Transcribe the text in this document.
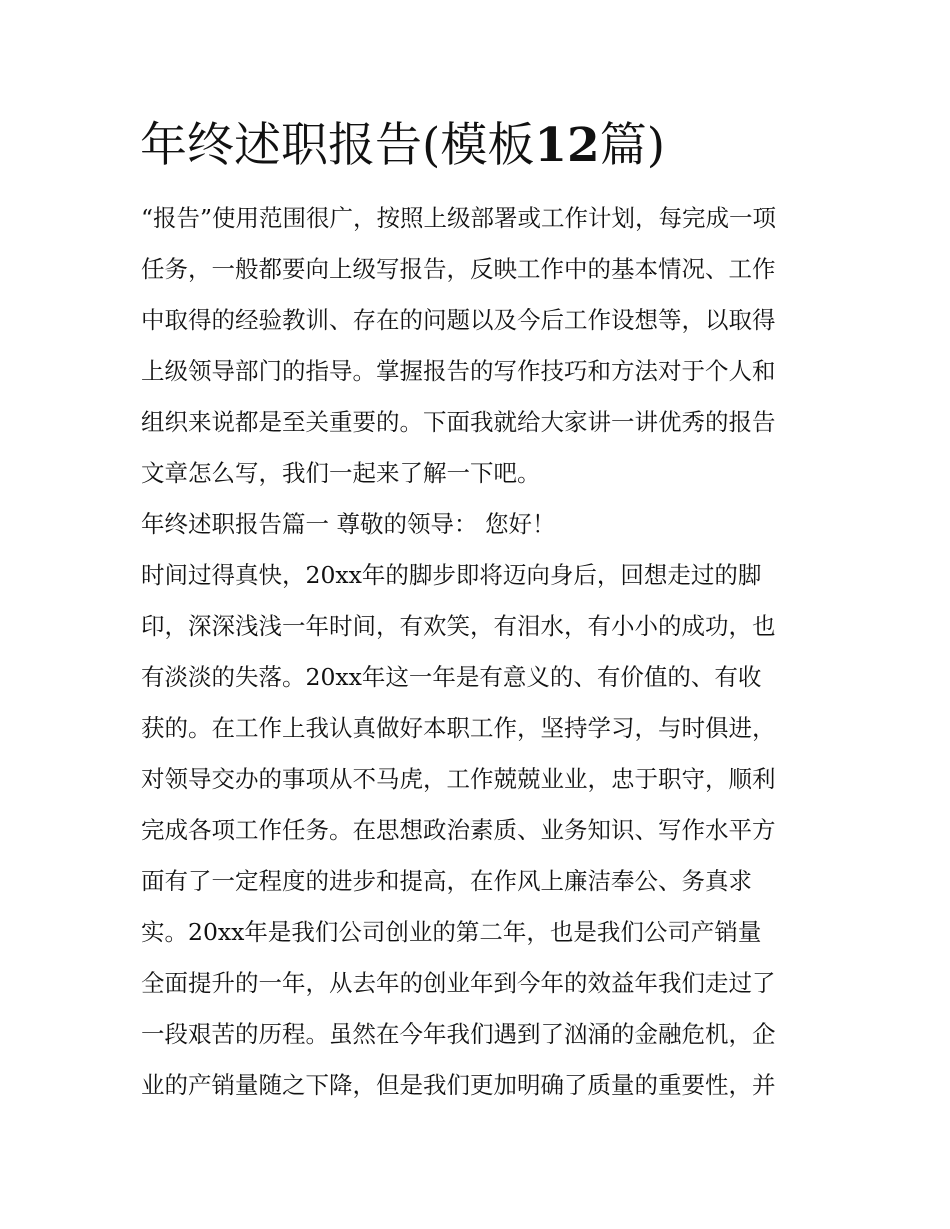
年终述职报告(模板12篇)
“报告”使用范围很广，按照上级部署或工作计划，每完成一项
任务，一般都要向上级写报告，反映工作中的基本情况、工作
中取得的经验教训、存在的问题以及今后工作设想等，以取得
上级领导部门的指导。掌握报告的写作技巧和方法对于个人和
组织来说都是至关重要的。下面我就给大家讲一讲优秀的报告
文章怎么写，我们一起来了解一下吧。
年终述职报告篇一 尊敬的领导： 您好！
时间过得真快，20xx年的脚步即将迈向身后，回想走过的脚
印，深深浅浅一年时间，有欢笑，有泪水，有小小的成功，也
有淡淡的失落。20xx年这一年是有意义的、有价值的、有收
获的。在工作上我认真做好本职工作，坚持学习，与时俱进，
对领导交办的事项从不马虎，工作兢兢业业，忠于职守，顺利
完成各项工作任务。在思想政治素质、业务知识、写作水平方
面有了一定程度的进步和提高，在作风上廉洁奉公、务真求
实。20xx年是我们公司创业的第二年，也是我们公司产销量
全面提升的一年，从去年的创业年到今年的效益年我们走过了
一段艰苦的历程。虽然在今年我们遇到了汹涌的金融危机，企
业的产销量随之下降，但是我们更加明确了质量的重要性，并
